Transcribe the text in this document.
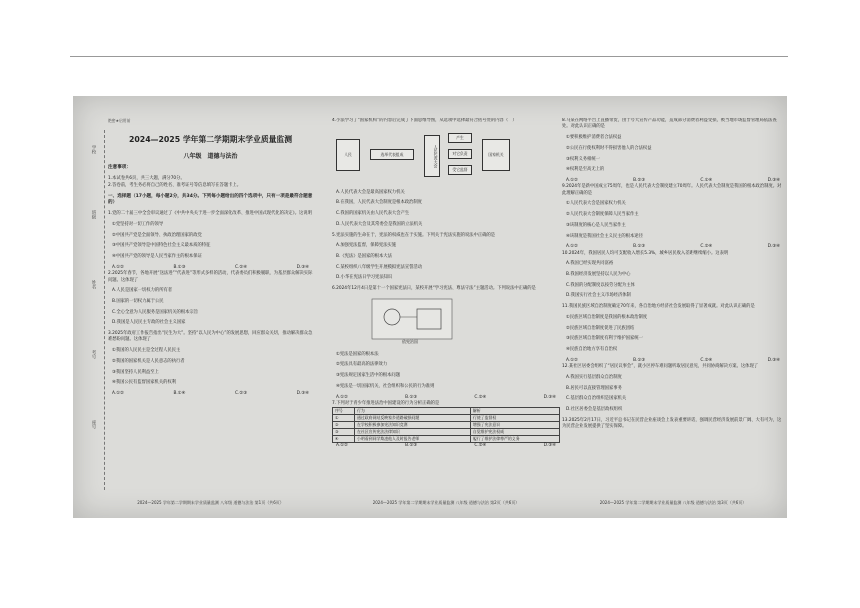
学校
班级
姓名
考号
座号

绝密★启用前

2024—2025 学年第二学期期末学业质量监测

八年级　道德与法治

注意事项：

1.本试卷共6页，共三大题，满分70分。

2.答卷前，考生务必将自己的姓名、准考证号等信息填写在答题卡上。

一、选择题（17小题，每小题2分，共34分。下列每小题给出的四个选项中，只有一项是最符合题意的）

1.党的二十届三中全会审议通过了《中共中央关于进一步全面深化改革、推进中国式现代化的决定》。这说明

①党坚持对一切工作的领导

②中国共产党是全面领导、执政治理国家的政党

③中国共产党领导是中国特色社会主义最本质的特征

④中国共产党的领导是人民当家作主的根本保证

A.①②	B.①③	C.②④	D.③④

2.2025年春节，各地开展“送法进”“代表进”等形式多样的活动，代表委员们积极履职，为基层群众解决实际问题。这体现了

A.人民是国家一切权力的所有者

B.国家的一切权力属于公民

C.全心全意为人民服务是国家机关的根本宗旨

D.我国是人民民主专政的社会主义国家

3.2025年政府工作报告指出“民生为大”。坚持“以人民为中心”的发展思想，回应群众关切，推动解决群众急难愁盼问题。这体现了

①我国的人民民主是全过程人民民主

②我国的国家机关是人民意志的执行者

③我国坚持人民利益至上

④我国公民有监督国家机关的权利

A.①②	B.①④	C.②③	D.③④

2024—2025 学年第二学期期末学业质量监测 八年级 道德与法治 第1页（共6页）

4.小法学习了“国家机构”的内容后完成了下面思维导图，从选项中选择最符合括号处的内容（　）

人民	选举代表组成	人民代表大会
产生
对它负责
受它监督
国家机关

A.人民代表大会是最高国家权力机关

B.在我国，人民代表大会制度是根本政治制度

C.我国的国家机关由人民代表大会产生

D.人民代表大会及其常委会是我国的立法机关

5.宪法实施的生命在于，宪法的权威也在于实施。下列关于宪法实施的说法中正确的是

A.加强宪法监督，保障宪法实施

B.《宪法》是国家的根本大法

C.某校组织八年级学生开展模拟宪法宣誓活动

D.小华在宪法日学习宪法知识

6.2024年12月4日是第十一个国家宪法日，某校开展“学习宪法、尊法守法”主题活动。下列说法中正确的是

依宪治国

①宪法是国家的根本法

②宪法具有最高的法律效力

③宪法规定国家生活中的根本问题

④宪法是一切国家机关、社会组织和公民的行为准则

A.①②	B.①③	C.②④	D.③④

7.下列对于青少年推进法治中国建设的行为分析正确的是

序号	行为	解析
①	通过政府网站反映家乡道路破损问题	行使了监督权
②	在学校积极参加宪法知识竞赛	增强了宪法意识
③	在社区宣传宪法法律知识	自觉维护宪法权威
④	小明看到同学欺凌他人及时报告老师	履行了维护法律尊严的义务
A.①②	B.①③	C.②④	D.③④

2024—2025 学年第二学期期末学业质量监测 八年级 道德与法治 第2页（共6页）

8.马某在网络平台上直播带货，由于夸大宣传产品功能，造成部分消费者利益受损，被当地市场监督管理局依法查处。对此认识正确的是

①要积极维护消费者合法权益

②公民在行使权利时不得损害他人的合法权益

③权利义务相统一

④权利是至高无上的

A.①②	B.②③	C.①④	D.③④

9.2024年是新中国成立75周年，也是人民代表大会制度建立70周年。人民代表大会制度是我国的根本政治制度。对此理解正确的是

①人民代表大会是国家权力机关

②人民代表大会制度保障人民当家作主

③该制度的核心是人民当家作主

④该制度是我国社会主义民主的根本途径

A.①②	B.①③	C.②④	D.③④

10.2024年，我国居民人均可支配收入增长5.3%，城乡居民收入差距继续缩小。这表明

A.我国已经实现共同富裕

B.我国经济发展坚持以人民为中心

C.我国的分配制度以按劳分配为主体

D.我国实行社会主义市场经济体制

11.我国民族区域自治制度确定70年来，各自治地方经济社会发展取得了显著成就。对此认识正确的是

①民族区域自治制度是我国的根本政治制度

②民族区域自治制度促进了民族团结

③民族区域自治制度有利于维护国家统一

④民族自治地方享有自治权

A.①②	B.①③	C.②④	D.③④

12.某社区居委会组织了“居民议事会”，就小区停车难问题听取居民意见，共同协商解决方案。这体现了

A.我国实行基层群众自治制度

B.居民可以直接管理国家事务

C.基层群众自治组织是国家机关

D.社区居委会是基层政权组织

13.2025年2月17日，习近平总书记在民营企业座谈会上发表重要讲话，强调民营经济发展前景广阔、大有可为，这为民营企业发展提供了坚实保障。

2024—2025 学年第二学期期末学业质量监测 八年级 道德与法治 第3页（共6页）
